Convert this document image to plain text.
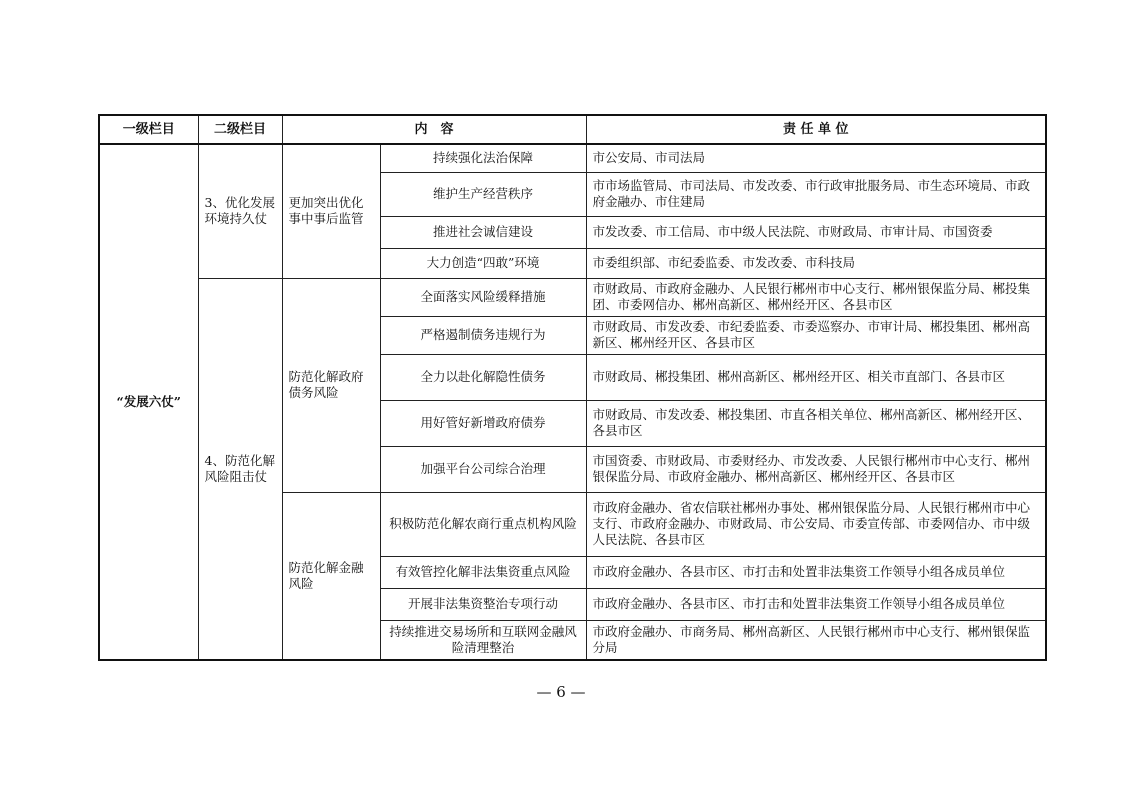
一级栏目	二级栏目	内　容		责 任 单 位
“发展六仗”	3、优化发展环境持久仗	更加突出优化事中事后监管	持续强化法治保障	市公安局、市司法局
			维护生产经营秩序	市市场监管局、市司法局、市发改委、市行政审批服务局、市生态环境局、市政府金融办、市住建局
			推进社会诚信建设	市发改委、市工信局、市中级人民法院、市财政局、市审计局、市国资委
			大力创造“四敢”环境	市委组织部、市纪委监委、市发改委、市科技局
	4、防范化解风险阻击仗	防范化解政府债务风险	全面落实风险缓释措施	市财政局、市政府金融办、人民银行郴州市中心支行、郴州银保监分局、郴投集团、市委网信办、郴州高新区、郴州经开区、各县市区
			严格遏制债务违规行为	市财政局、市发改委、市纪委监委、市委巡察办、市审计局、郴投集团、郴州高新区、郴州经开区、各县市区
			全力以赴化解隐性债务	市财政局、郴投集团、郴州高新区、郴州经开区、相关市直部门、各县市区
			用好管好新增政府债券	市财政局、市发改委、郴投集团、市直各相关单位、郴州高新区、郴州经开区、各县市区
			加强平台公司综合治理	市国资委、市财政局、市委财经办、市发改委、人民银行郴州市中心支行、郴州银保监分局、市政府金融办、郴州高新区、郴州经开区、各县市区
		防范化解金融风险	积极防范化解农商行重点机构风险	市政府金融办、省农信联社郴州办事处、郴州银保监分局、人民银行郴州市中心支行、市政府金融办、市财政局、市公安局、市委宣传部、市委网信办、市中级人民法院、各县市区
			有效管控化解非法集资重点风险	市政府金融办、各县市区、市打击和处置非法集资工作领导小组各成员单位
			开展非法集资整治专项行动	市政府金融办、各县市区、市打击和处置非法集资工作领导小组各成员单位
			持续推进交易场所和互联网金融风险清理整治	市政府金融办、市商务局、郴州高新区、人民银行郴州市中心支行、郴州银保监分局
— 6 —
